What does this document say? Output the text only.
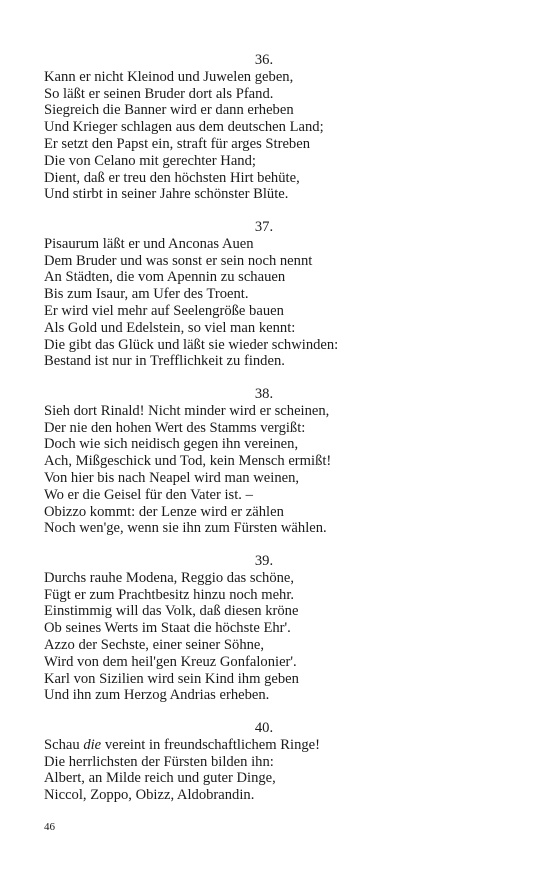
36.
Kann er nicht Kleinod und Juwelen geben,
So läßt er seinen Bruder dort als Pfand.
Siegreich die Banner wird er dann erheben
Und Krieger schlagen aus dem deutschen Land;
Er setzt den Papst ein, straft für arges Streben
Die von Celano mit gerechter Hand;
Dient, daß er treu den höchsten Hirt behüte,
Und stirbt in seiner Jahre schönster Blüte.
37.
Pisaurum läßt er und Anconas Auen
Dem Bruder und was sonst er sein noch nennt
An Städten, die vom Apennin zu schauen
Bis zum Isaur, am Ufer des Troent.
Er wird viel mehr auf Seelengröße bauen
Als Gold und Edelstein, so viel man kennt:
Die gibt das Glück und läßt sie wieder schwinden:
Bestand ist nur in Trefflichkeit zu finden.
38.
Sieh dort Rinald! Nicht minder wird er scheinen,
Der nie den hohen Wert des Stamms vergißt:
Doch wie sich neidisch gegen ihn vereinen,
Ach, Mißgeschick und Tod, kein Mensch ermißt!
Von hier bis nach Neapel wird man weinen,
Wo er die Geisel für den Vater ist. –
Obizzo kommt: der Lenze wird er zählen
Noch wen'ge, wenn sie ihn zum Fürsten wählen.
39.
Durchs rauhe Modena, Reggio das schöne,
Fügt er zum Prachtbesitz hinzu noch mehr.
Einstimmig will das Volk, daß diesen kröne
Ob seines Werts im Staat die höchste Ehr'.
Azzo der Sechste, einer seiner Söhne,
Wird von dem heil'gen Kreuz Gonfalonier'.
Karl von Sizilien wird sein Kind ihm geben
Und ihn zum Herzog Andrias erheben.
40.
Schau die vereint in freundschaftlichem Ringe!
Die herrlichsten der Fürsten bilden ihn:
Albert, an Milde reich und guter Dinge,
Niccol, Zoppo, Obizz, Aldobrandin.
46
